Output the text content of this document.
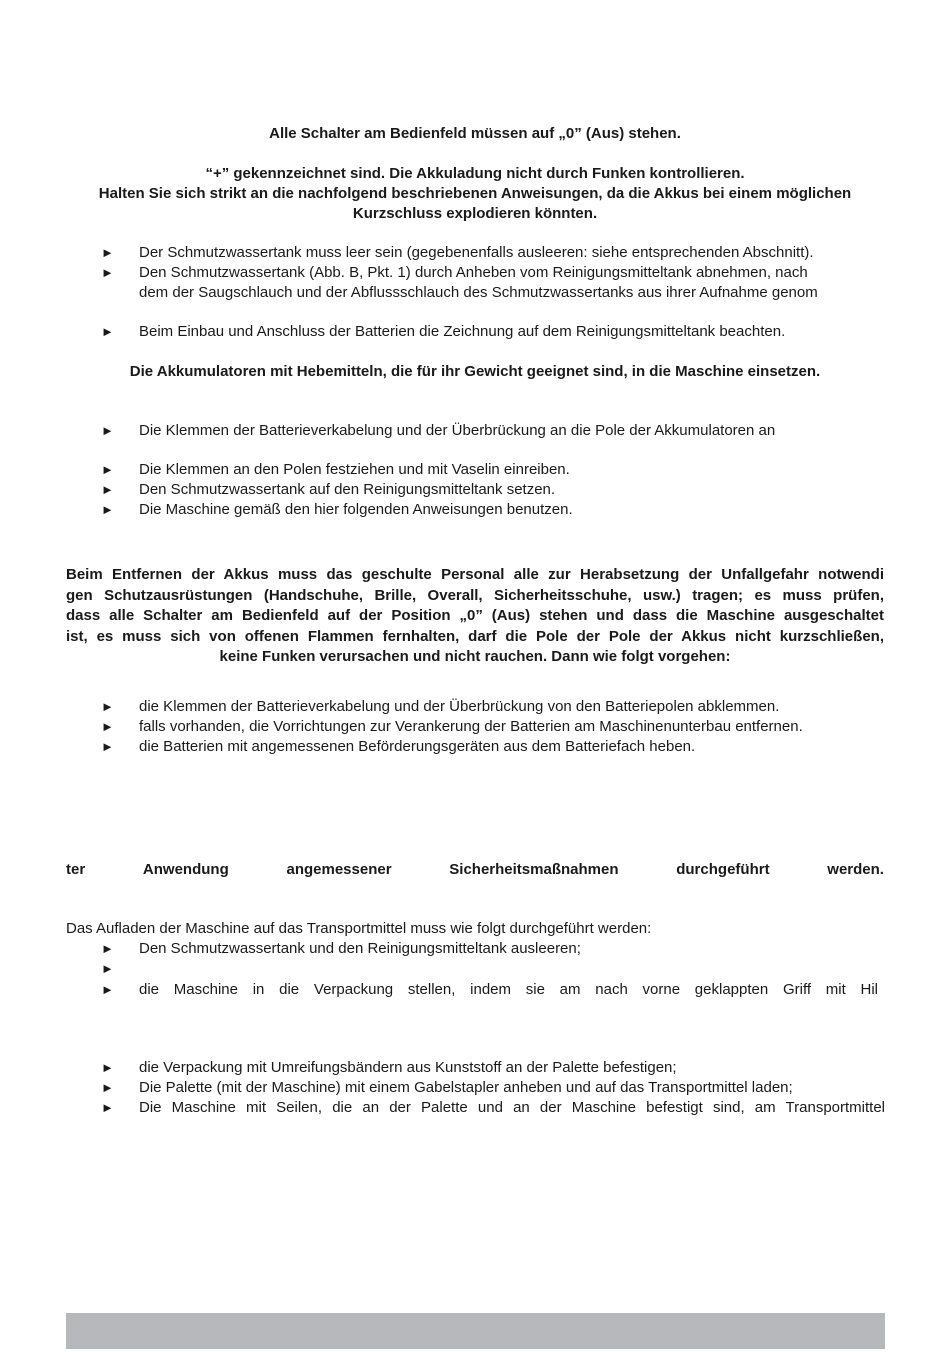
Alle Schalter am Bedienfeld müssen auf „0” (Aus) stehen.
“+” gekennzeichnet sind. Die Akkuladung nicht durch Funken kontrollieren.
Halten Sie sich strikt an die nachfolgend beschriebenen Anweisungen, da die Akkus bei einem möglichen
Kurzschluss explodieren könnten.
► Der Schmutzwassertank muss leer sein (gegebenenfalls ausleeren: siehe entsprechenden Abschnitt).
► Den Schmutzwassertank (Abb. B, Pkt. 1) durch Anheben vom Reinigungsmitteltank abnehmen, nach
dem der Saugschlauch und der Abflussschlauch des Schmutzwassertanks aus ihrer Aufnahme genom
► Beim Einbau und Anschluss der Batterien die Zeichnung auf dem Reinigungsmitteltank beachten.
Die Akkumulatoren mit Hebemitteln, die für ihr Gewicht geeignet sind, in die Maschine einsetzen.
► Die Klemmen der Batterieverkabelung und der Überbrückung an die Pole der Akkumulatoren an
► Die Klemmen an den Polen festziehen und mit Vaselin einreiben.
► Den Schmutzwassertank auf den Reinigungsmitteltank setzen.
► Die Maschine gemäß den hier folgenden Anweisungen benutzen.
Beim Entfernen der Akkus muss das geschulte Personal alle zur Herabsetzung der Unfallgefahr notwendi
gen Schutzausrüstungen (Handschuhe, Brille, Overall, Sicherheitsschuhe, usw.) tragen; es muss prüfen,
dass alle Schalter am Bedienfeld auf der Position „0” (Aus) stehen und dass die Maschine ausgeschaltet
ist, es muss sich von offenen Flammen fernhalten, darf die Pole der Pole der Akkus nicht kurzschließen,
keine Funken verursachen und nicht rauchen. Dann wie folgt vorgehen:
► die Klemmen der Batterieverkabelung und der Überbrückung von den Batteriepolen abklemmen.
► falls vorhanden, die Vorrichtungen zur Verankerung der Batterien am Maschinenunterbau entfernen.
► die Batterien mit angemessenen Beförderungsgeräten aus dem Batteriefach heben.
ter	Anwendung	angemessener	Sicherheitsmaßnahmen	durchgeführt	werden.
Das Aufladen der Maschine auf das Transportmittel muss wie folgt durchgeführt werden:
► Den Schmutzwassertank und den Reinigungsmitteltank ausleeren;
►
► die Maschine in die Verpackung stellen, indem sie am nach vorne geklappten Griff mit Hil
► die Verpackung mit Umreifungsbändern aus Kunststoff an der Palette befestigen;
► Die Palette (mit der Maschine) mit einem Gabelstapler anheben und auf das Transportmittel laden;
► Die Maschine mit Seilen, die an der Palette und an der Maschine befestigt sind, am Transportmittel
